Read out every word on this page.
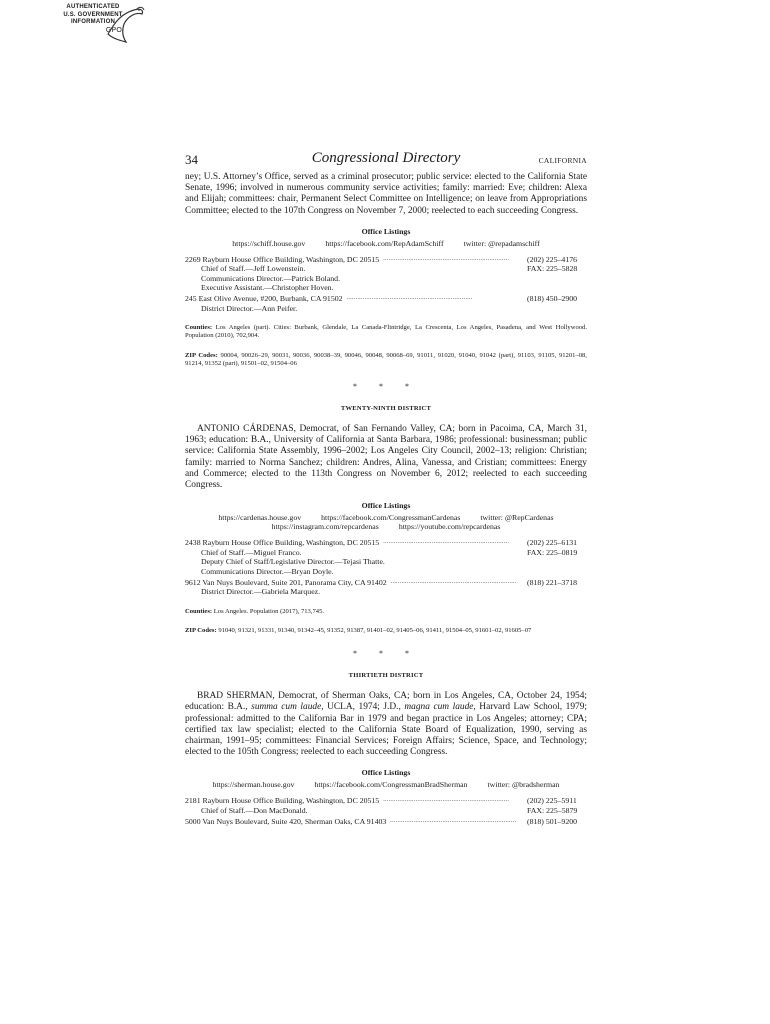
AUTHENTICATED
U.S. GOVERNMENT
INFORMATION
GPO
34	Congressional Directory	CALIFORNIA

ney; U.S. Attorney’s Office, served as a criminal prosecutor; public service: elected to the California State Senate, 1996; involved in numerous community service activities; family: married: Eve; children: Alexa and Elijah; committees: chair, Permanent Select Committee on Intelligence; on leave from Appropriations Committee; elected to the 107th Congress on November 7, 2000; reelected to each succeeding Congress.

Office Listings
https://schiff.house.gov	https://facebook.com/RepAdamSchiff	twitter: @repadamschiff
2269 Rayburn House Office Building, Washington, DC 20515 . . .	(202) 225–4176
Chief of Staff.—Jeff Lowenstein.	FAX: 225–5828
Communications Director.—Patrick Boland.
Executive Assistant.—Christopher Hoven.
245 East Olive Avenue, #200, Burbank, CA 91502 . . .	(818) 450–2900
District Director.—Ann Peifer.
Counties: Los Angeles (part). Cities: Burbank, Glendale, La Canada-Flintridge, La Crescenta, Los Angeles, Pasadena, and West Hollywood. Population (2010), 702,904.
ZIP Codes: 90004, 90026–29, 90031, 90036, 90038–39, 90046, 90048, 90068–69, 91011, 91020, 91040, 91042 (part), 91103, 91105, 91201–08, 91214, 91352 (part), 91501–02, 91504–06
* * *
TWENTY-NINTH DISTRICT

ANTONIO CÁRDENAS, Democrat, of San Fernando Valley, CA; born in Pacoima, CA, March 31, 1963; education: B.A., University of California at Santa Barbara, 1986; professional: businessman; public service: California State Assembly, 1996–2002; Los Angeles City Council, 2002–13; religion: Christian; family: married to Norma Sanchez; children: Andres, Alina, Vanessa, and Cristian; committees: Energy and Commerce; elected to the 113th Congress on November 6, 2012; reelected to each succeeding Congress.

Office Listings
https://cardenas.house.gov	https://facebook.com/CongressmanCardenas	twitter: @RepCardenas
https://instagram.com/repcardenas	https://youtube.com/repcardenas
2438 Rayburn House Office Building, Washington, DC 20515 . . .	(202) 225–6131
Chief of Staff.—Miguel Franco.	FAX: 225–0819
Deputy Chief of Staff/Legislative Director.—Tejasi Thatte.
Communications Director.—Bryan Doyle.
9612 Van Nuys Boulevard, Suite 201, Panorama City, CA 91402 . . .	(818) 221–3718
District Director.—Gabriela Marquez.
Counties: Los Angeles. Population (2017), 713,745.
ZIP Codes: 91040, 91321, 91331, 91340, 91342–45, 91352, 91387, 91401–02, 91405–06, 91411, 91504–05, 91601–02, 91605–07
* * *
THIRTIETH DISTRICT

BRAD SHERMAN, Democrat, of Sherman Oaks, CA; born in Los Angeles, CA, October 24, 1954; education: B.A., summa cum laude, UCLA, 1974; J.D., magna cum laude, Harvard Law School, 1979; professional: admitted to the California Bar in 1979 and began practice in Los Angeles; attorney; CPA; certified tax law specialist; elected to the California State Board of Equalization, 1990, serving as chairman, 1991–95; committees: Financial Services; Foreign Affairs; Science, Space, and Technology; elected to the 105th Congress; reelected to each succeeding Congress.

Office Listings
https://sherman.house.gov	https://facebook.com/CongressmanBradSherman	twitter: @bradsherman
2181 Rayburn House Office Building, Washington, DC 20515 . . .	(202) 225–5911
Chief of Staff.—Don MacDonald.	FAX: 225–5879
5000 Van Nuys Boulevard, Suite 420, Sherman Oaks, CA 91403 . . .	(818) 501–9200
